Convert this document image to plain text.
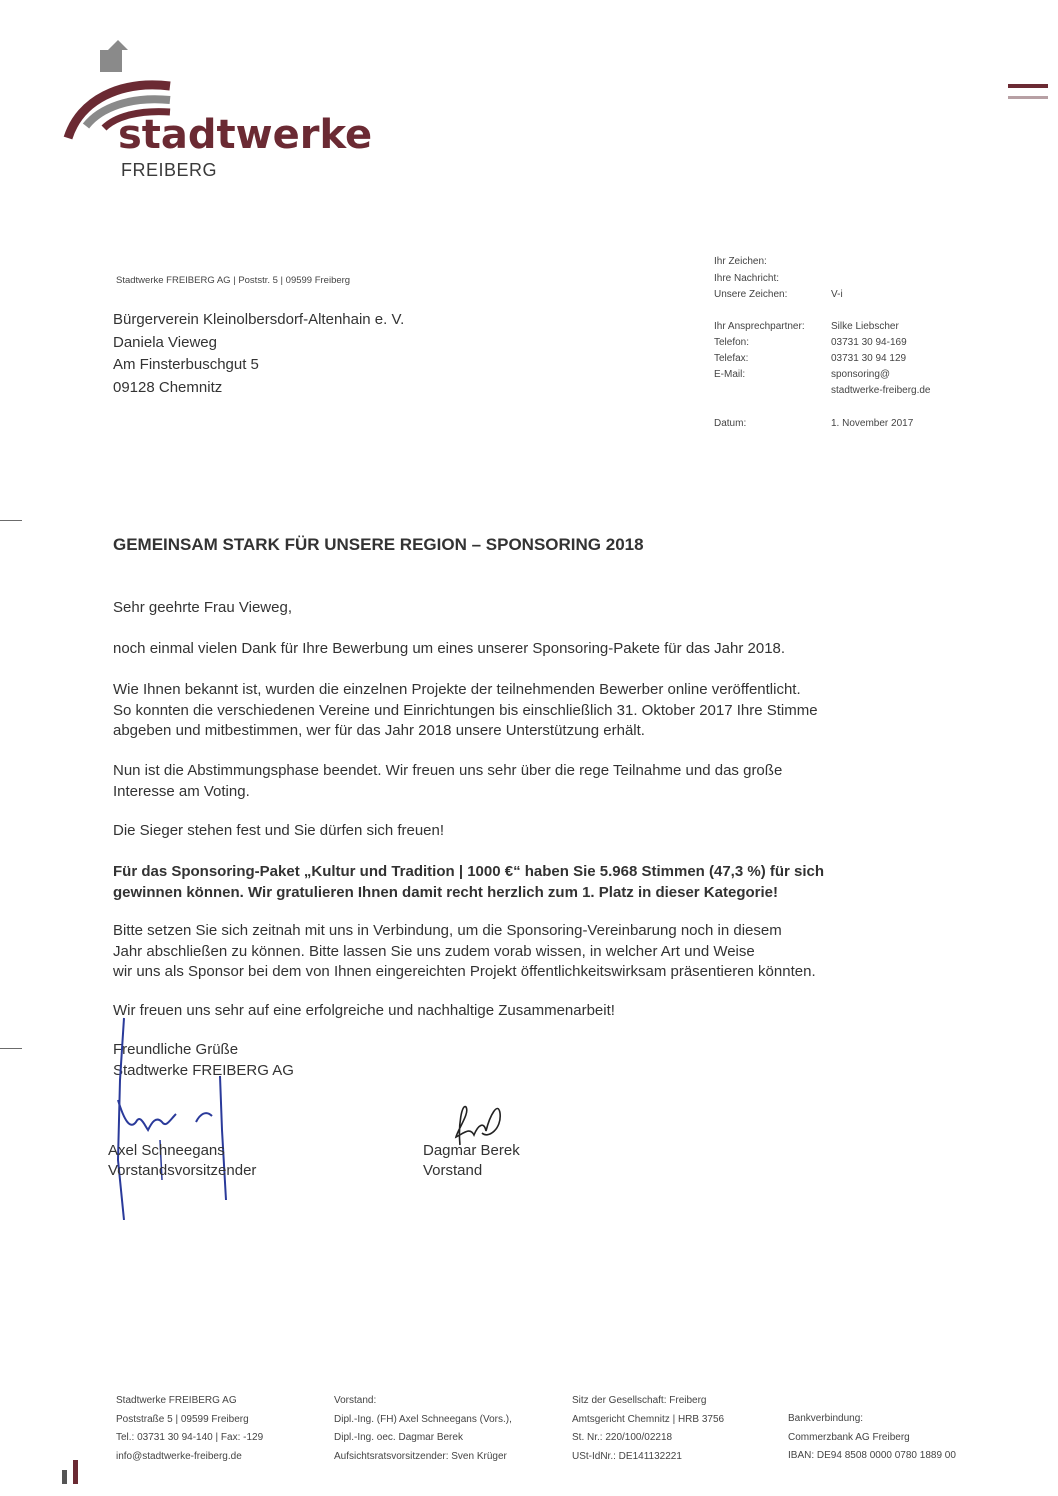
stadtwerke
FREIBERG
Stadtwerke FREIBERG AG | Poststr. 5 | 09599 Freiberg
Bürgerverein Kleinolbersdorf-Altenhain e. V.
Daniela Vieweg
Am Finsterbuschgut 5
09128 Chemnitz
Ihr Zeichen:
Ihre Nachricht:
Unsere Zeichen:	V-i
Ihr Ansprechpartner:	Silke Liebscher
Telefon:	03731 30 94-169
Telefax:	03731 30 94 129
E-Mail:	sponsoring@
stadtwerke-freiberg.de
Datum:	1. November 2017
GEMEINSAM STARK FÜR UNSERE REGION – SPONSORING 2018
Sehr geehrte Frau Vieweg,
noch einmal vielen Dank für Ihre Bewerbung um eines unserer Sponsoring-Pakete für das Jahr 2018.
Wie Ihnen bekannt ist, wurden die einzelnen Projekte der teilnehmenden Bewerber online veröffentlicht.
So konnten die verschiedenen Vereine und Einrichtungen bis einschließlich 31. Oktober 2017 Ihre Stimme
abgeben und mitbestimmen, wer für das Jahr 2018 unsere Unterstützung erhält.
Nun ist die Abstimmungsphase beendet. Wir freuen uns sehr über die rege Teilnahme und das große
Interesse am Voting.
Die Sieger stehen fest und Sie dürfen sich freuen!
Für das Sponsoring-Paket „Kultur und Tradition | 1000 €“ haben Sie 5.968 Stimmen (47,3 %) für sich
gewinnen können. Wir gratulieren Ihnen damit recht herzlich zum 1. Platz in dieser Kategorie!
Bitte setzen Sie sich zeitnah mit uns in Verbindung, um die Sponsoring-Vereinbarung noch in diesem
Jahr abschließen zu können. Bitte lassen Sie uns zudem vorab wissen, in welcher Art und Weise
wir uns als Sponsor bei dem von Ihnen eingereichten Projekt öffentlichkeitswirksam präsentieren könnten.
Wir freuen uns sehr auf eine erfolgreiche und nachhaltige Zusammenarbeit!
Freundliche Grüße
Stadtwerke FREIBERG AG
Axel Schneegans
Vorstandsvorsitzender
Dagmar Berek
Vorstand
Stadtwerke FREIBERG AG
Poststraße 5 | 09599 Freiberg
Tel.: 03731 30 94-140 | Fax: -129
info@stadtwerke-freiberg.de
Vorstand:
Dipl.-Ing. (FH) Axel Schneegans (Vors.),
Dipl.-Ing. oec. Dagmar Berek
Aufsichtsratsvorsitzender: Sven Krüger
Sitz der Gesellschaft: Freiberg
Amtsgericht Chemnitz | HRB 3756
St. Nr.: 220/100/02218
USt-IdNr.: DE141132221
Bankverbindung:
Commerzbank AG Freiberg
IBAN: DE94 8508 0000 0780 1889 00
